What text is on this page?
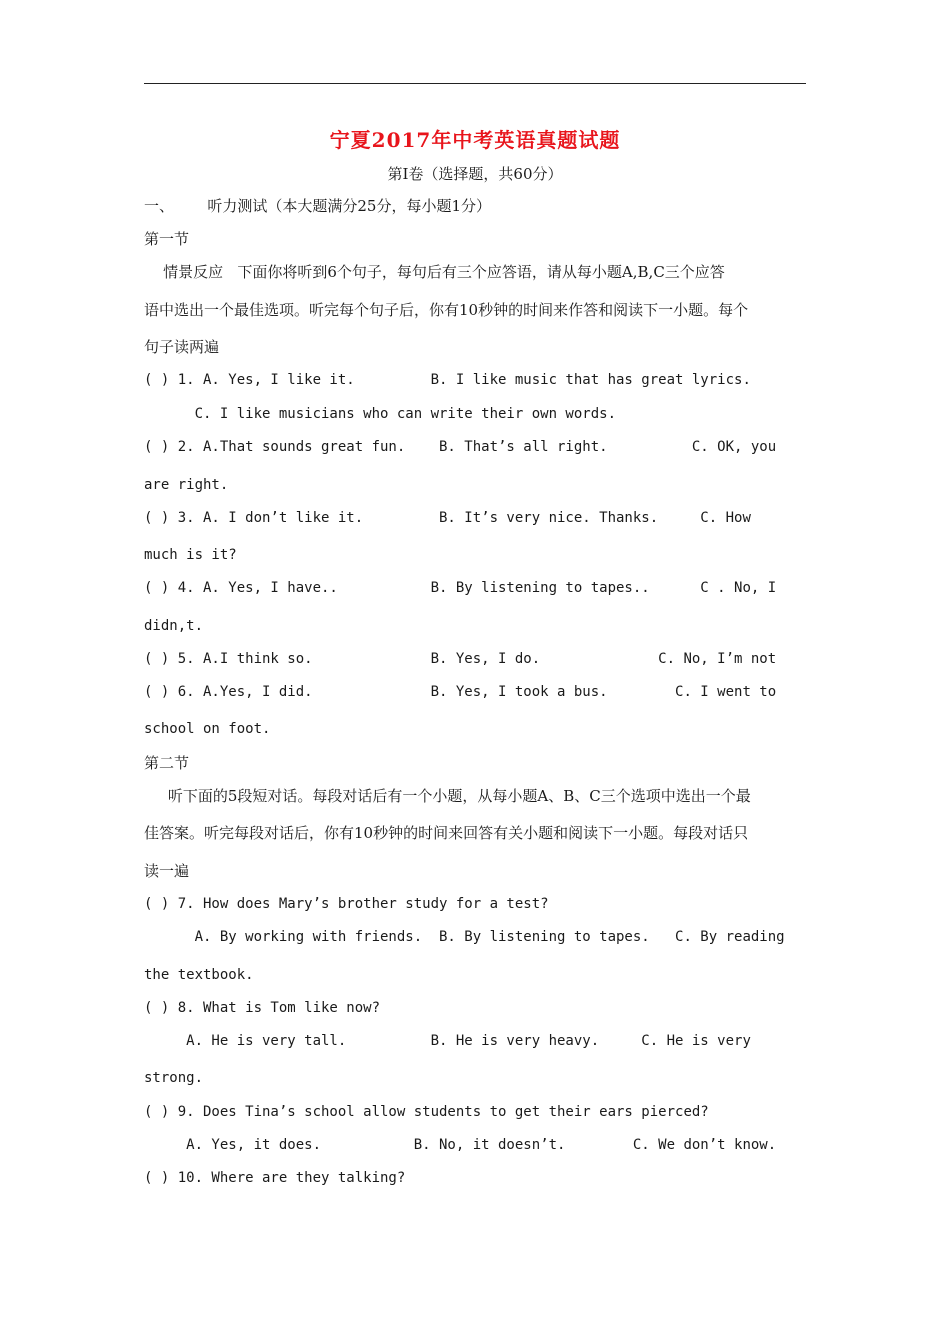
宁夏2017年中考英语真题试题
第Ⅰ卷（选择题，共60分）
一、       听力测试（本大题满分25分，每小题1分）
第一节
情景反应   下面你将听到6个句子，每句后有三个应答语，请从每小题A,B,C三个应答
语中选出一个最佳选项。听完每个句子后，你有10秒钟的时间来作答和阅读下一小题。每个
句子读两遍
( ) 1. A. Yes, I like it.         B. I like music that has great lyrics.
C. I like musicians who can write their own words.
( ) 2. A.That sounds great fun.    B. That’s all right.          C. OK, you
are right.
( ) 3. A. I don’t like it.         B. It’s very nice. Thanks.     C. How
much is it?
( ) 4. A. Yes, I have..           B. By listening to tapes..      C . No, I
didn,t.
( ) 5. A.I think so.              B. Yes, I do.              C. No, I’m not
( ) 6. A.Yes, I did.              B. Yes, I took a bus.        C. I went to
school on foot.
第二节
听下面的5段短对话。每段对话后有一个小题，从每小题A、B、C三个选项中选出一个最
佳答案。听完每段对话后，你有10秒钟的时间来回答有关小题和阅读下一小题。每段对话只
读一遍
( ) 7. How does Mary’s brother study for a test?
A. By working with friends.  B. By listening to tapes.   C. By reading
the textbook.
( ) 8. What is Tom like now?
A. He is very tall.          B. He is very heavy.     C. He is very
strong.
( ) 9. Does Tina’s school allow students to get their ears pierced?
A. Yes, it does.           B. No, it doesn’t.        C. We don’t know.
( ) 10. Where are they talking?
